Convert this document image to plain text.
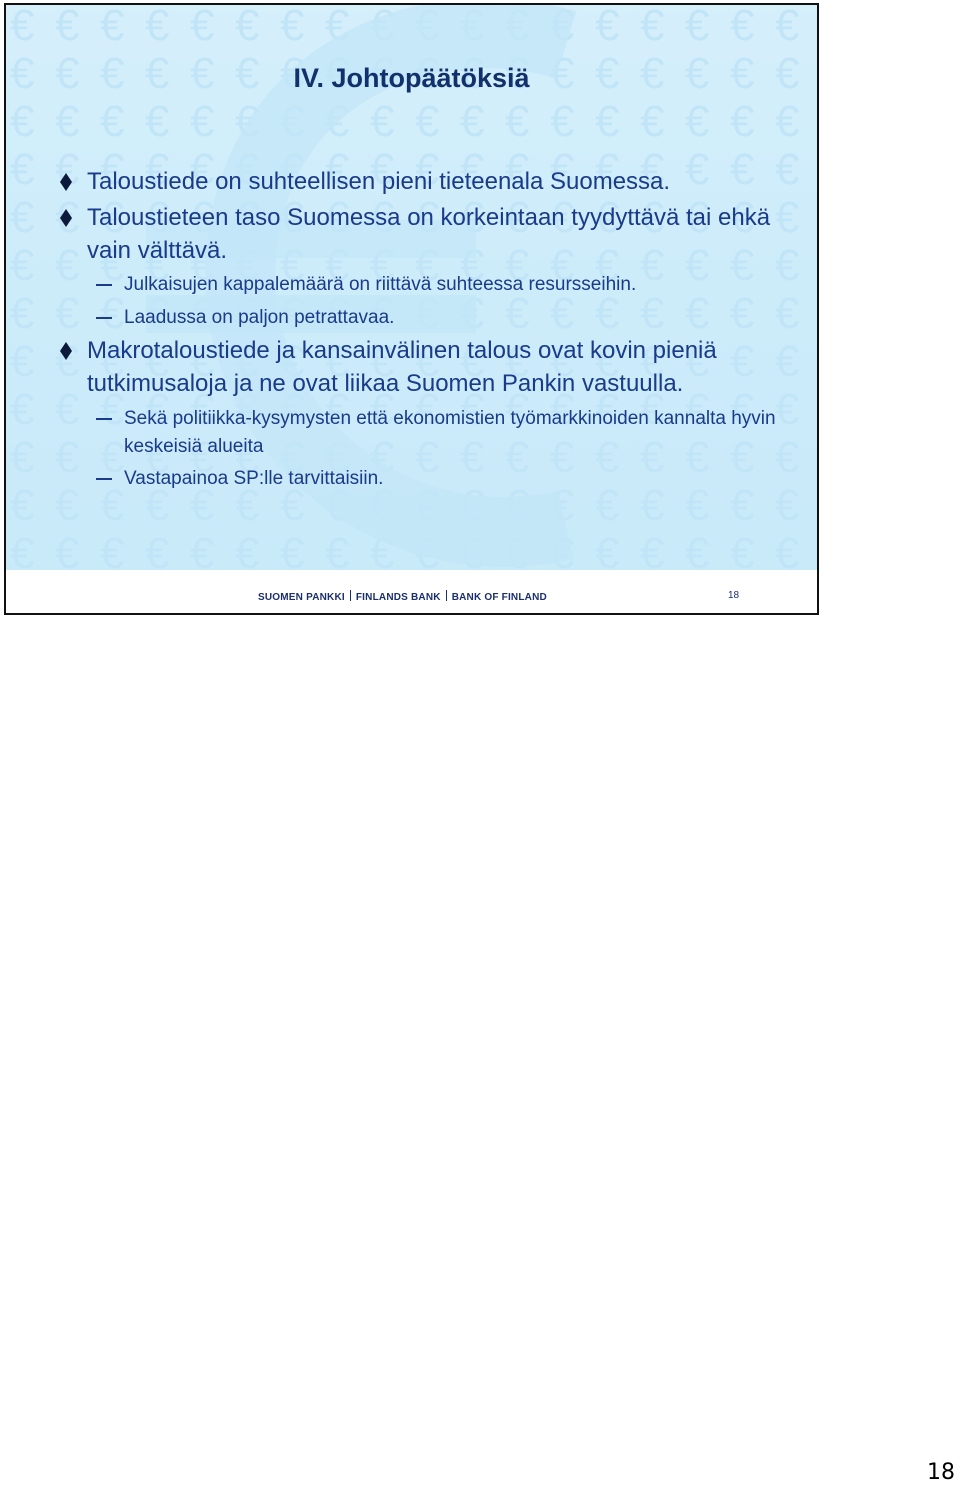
IV. Johtopäätöksiä
Taloustiede on suhteellisen pieni tieteenala Suomessa.
Taloustieteen taso Suomessa on korkeintaan tyydyttävä tai ehkä vain välttävä.
Julkaisujen kappalemäärä on riittävä suhteessa resursseihin.
Laadussa on paljon petrattavaa.
Makrotaloustiede ja kansainvälinen talous ovat kovin pieniä tutkimusaloja ja ne ovat liikaa Suomen Pankin vastuulla.
Sekä politiikka-kysymysten että ekonomistien työmarkkinoiden kannalta hyvin keskeisiä alueita
Vastapainoa SP:lle tarvittaisiin.
SUOMEN PANKKI FINLANDS BANK BANK OF FINLAND	18
18
